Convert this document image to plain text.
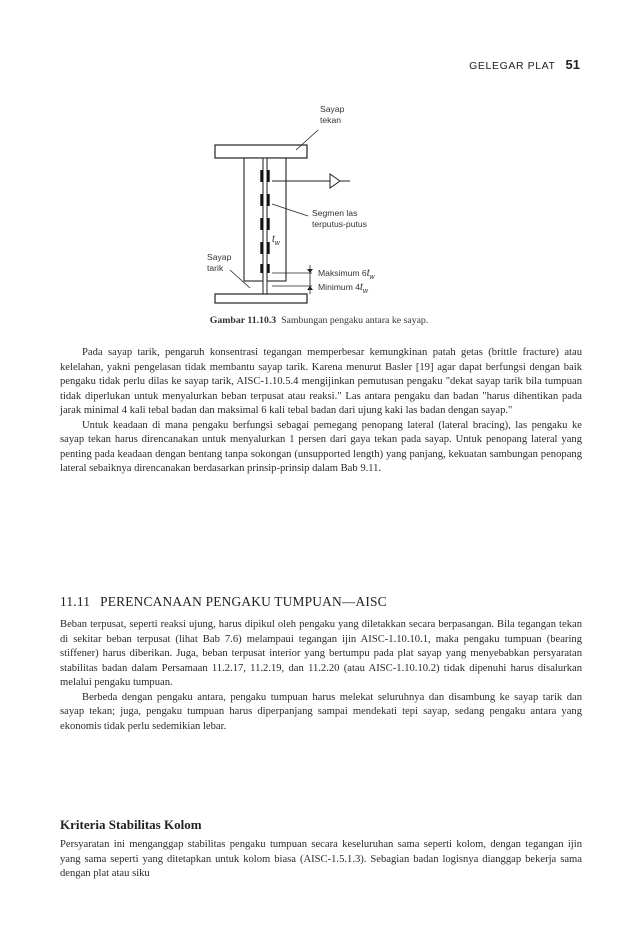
GELEGAR PLAT 51
Sayap
tekan
Segmen las
terputus-putus
$t_w$
Sayap
tarik	Maksimum $6t_w$
Minimum $4t_w$
Gambar 11.10.3 Sambungan pengaku antara ke sayap.

Pada sayap tarik, pengaruh konsentrasi tegangan memperbesar kemungkinan patah getas (brittle fracture) atau kelelahan, yakni pengelasan tidak membantu sayap tarik. Karena menurut Basler [19] agar dapat berfungsi dengan baik pengaku tidak perlu dilas ke sayap tarik, AISC-1.10.5.4 mengijinkan pemutusan pengaku "dekat sayap tarik bila tumpuan tidak diperlukan untuk menyalurkan beban terpusat atau reaksi." Las antara pengaku dan badan "harus dihentikan pada jarak minimal 4 kali tebal badan dan maksimal 6 kali tebal badan dari ujung kaki las badan dengan sayap."

Untuk keadaan di mana pengaku berfungsi sebagai pemegang penopang lateral (lateral bracing), las pengaku ke sayap tekan harus direncanakan untuk menyalurkan 1 persen dari gaya tekan pada sayap. Untuk penopang lateral yang penting pada keadaan dengan bentang tanpa sokongan (unsupported length) yang panjang, kekuatan sambungan penopang lateral sebaiknya direncanakan berdasarkan prinsip-prinsip dalam Bab 9.11.

11.11 PERENCANAAN PENGAKU TUMPUAN—AISC

Beban terpusat, seperti reaksi ujung, harus dipikul oleh pengaku yang diletakkan secara berpasangan. Bila tegangan tekan di sekitar beban terpusat (lihat Bab 7.6) melampaui tegangan ijin AISC-1.10.10.1, maka pengaku tumpuan (bearing stiffener) harus diberikan. Juga, beban terpusat interior yang bertumpu pada plat sayap yang menyebabkan persyaratan stabilitas badan dalam Persamaan 11.2.17, 11.2.19, dan 11.2.20 (atau AISC-1.10.10.2) tidak dipenuhi harus disalurkan melalui pengaku tumpuan.

Berbeda dengan pengaku antara, pengaku tumpuan harus melekat seluruhnya dan disambung ke sayap tarik dan sayap tekan; juga, pengaku tumpuan harus diperpanjang sampai mendekati tepi sayap, sedang pengaku antara yang ekonomis tidak perlu sedemikian lebar.

Kriteria Stabilitas Kolom

Persyaratan ini menganggap stabilitas pengaku tumpuan secara keseluruhan sama seperti kolom, dengan tegangan ijin yang sama seperti yang ditetapkan untuk kolom biasa (AISC-1.5.1.3). Sebagian badan logisnya dianggap bekerja sama dengan plat atau siku
